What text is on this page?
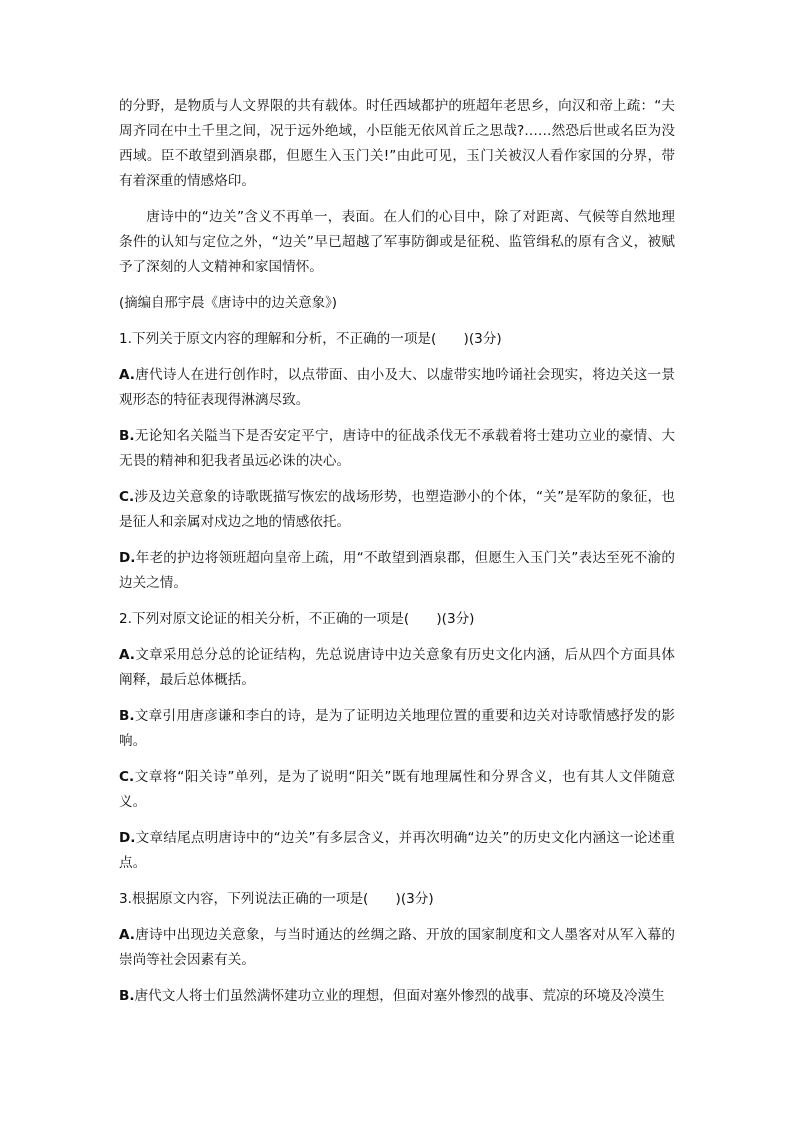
的分野，是物质与人文界限的共有载体。时任西域都护的班超年老思乡，向汉和帝上疏：“夫周齐同在中土千里之间，况于远外绝域，小臣能无依风首丘之思哉?……然恐后世或名臣为没西域。臣不敢望到酒泉郡，但愿生入玉门关!”由此可见，玉门关被汉人看作家国的分界，带有着深重的情感烙印。

唐诗中的“边关”含义不再单一，表面。在人们的心目中，除了对距离、气候等自然地理条件的认知与定位之外，“边关”早已超越了军事防御或是征税、监管缉私的原有含义，被赋予了深刻的人文精神和家国情怀。

(摘编自邢宇晨《唐诗中的边关意象》)

1.下列关于原文内容的理解和分析，不正确的一项是(　　)(3分)

A.唐代诗人在进行创作时，以点带面、由小及大、以虚带实地吟诵社会现实，将边关这一景观形态的特征表现得淋漓尽致。

B.无论知名关隘当下是否安定平宁，唐诗中的征战杀伐无不承载着将士建功立业的豪情、大无畏的精神和犯我者虽远必诛的决心。

C.涉及边关意象的诗歌既描写恢宏的战场形势，也塑造渺小的个体，“关”是军防的象征，也是征人和亲属对戍边之地的情感依托。

D.年老的护边将领班超向皇帝上疏，用“不敢望到酒泉郡，但愿生入玉门关”表达至死不渝的边关之情。

2.下列对原文论证的相关分析，不正确的一项是(　　)(3分)

A.文章采用总分总的论证结构，先总说唐诗中边关意象有历史文化内涵，后从四个方面具体阐释，最后总体概括。

B.文章引用唐彦谦和李白的诗，是为了证明边关地理位置的重要和边关对诗歌情感抒发的影响。

C.文章将“阳关诗”单列，是为了说明“阳关”既有地理属性和分界含义，也有其人文伴随意义。

D.文章结尾点明唐诗中的“边关”有多层含义，并再次明确“边关”的历史文化内涵这一论述重点。

3.根据原文内容，下列说法正确的一项是(　　)(3分)

A.唐诗中出现边关意象，与当时通达的丝绸之路、开放的国家制度和文人墨客对从军入幕的崇尚等社会因素有关。

B.唐代文人将士们虽然满怀建功立业的理想，但面对塞外惨烈的战事、荒凉的环境及冷漠生
